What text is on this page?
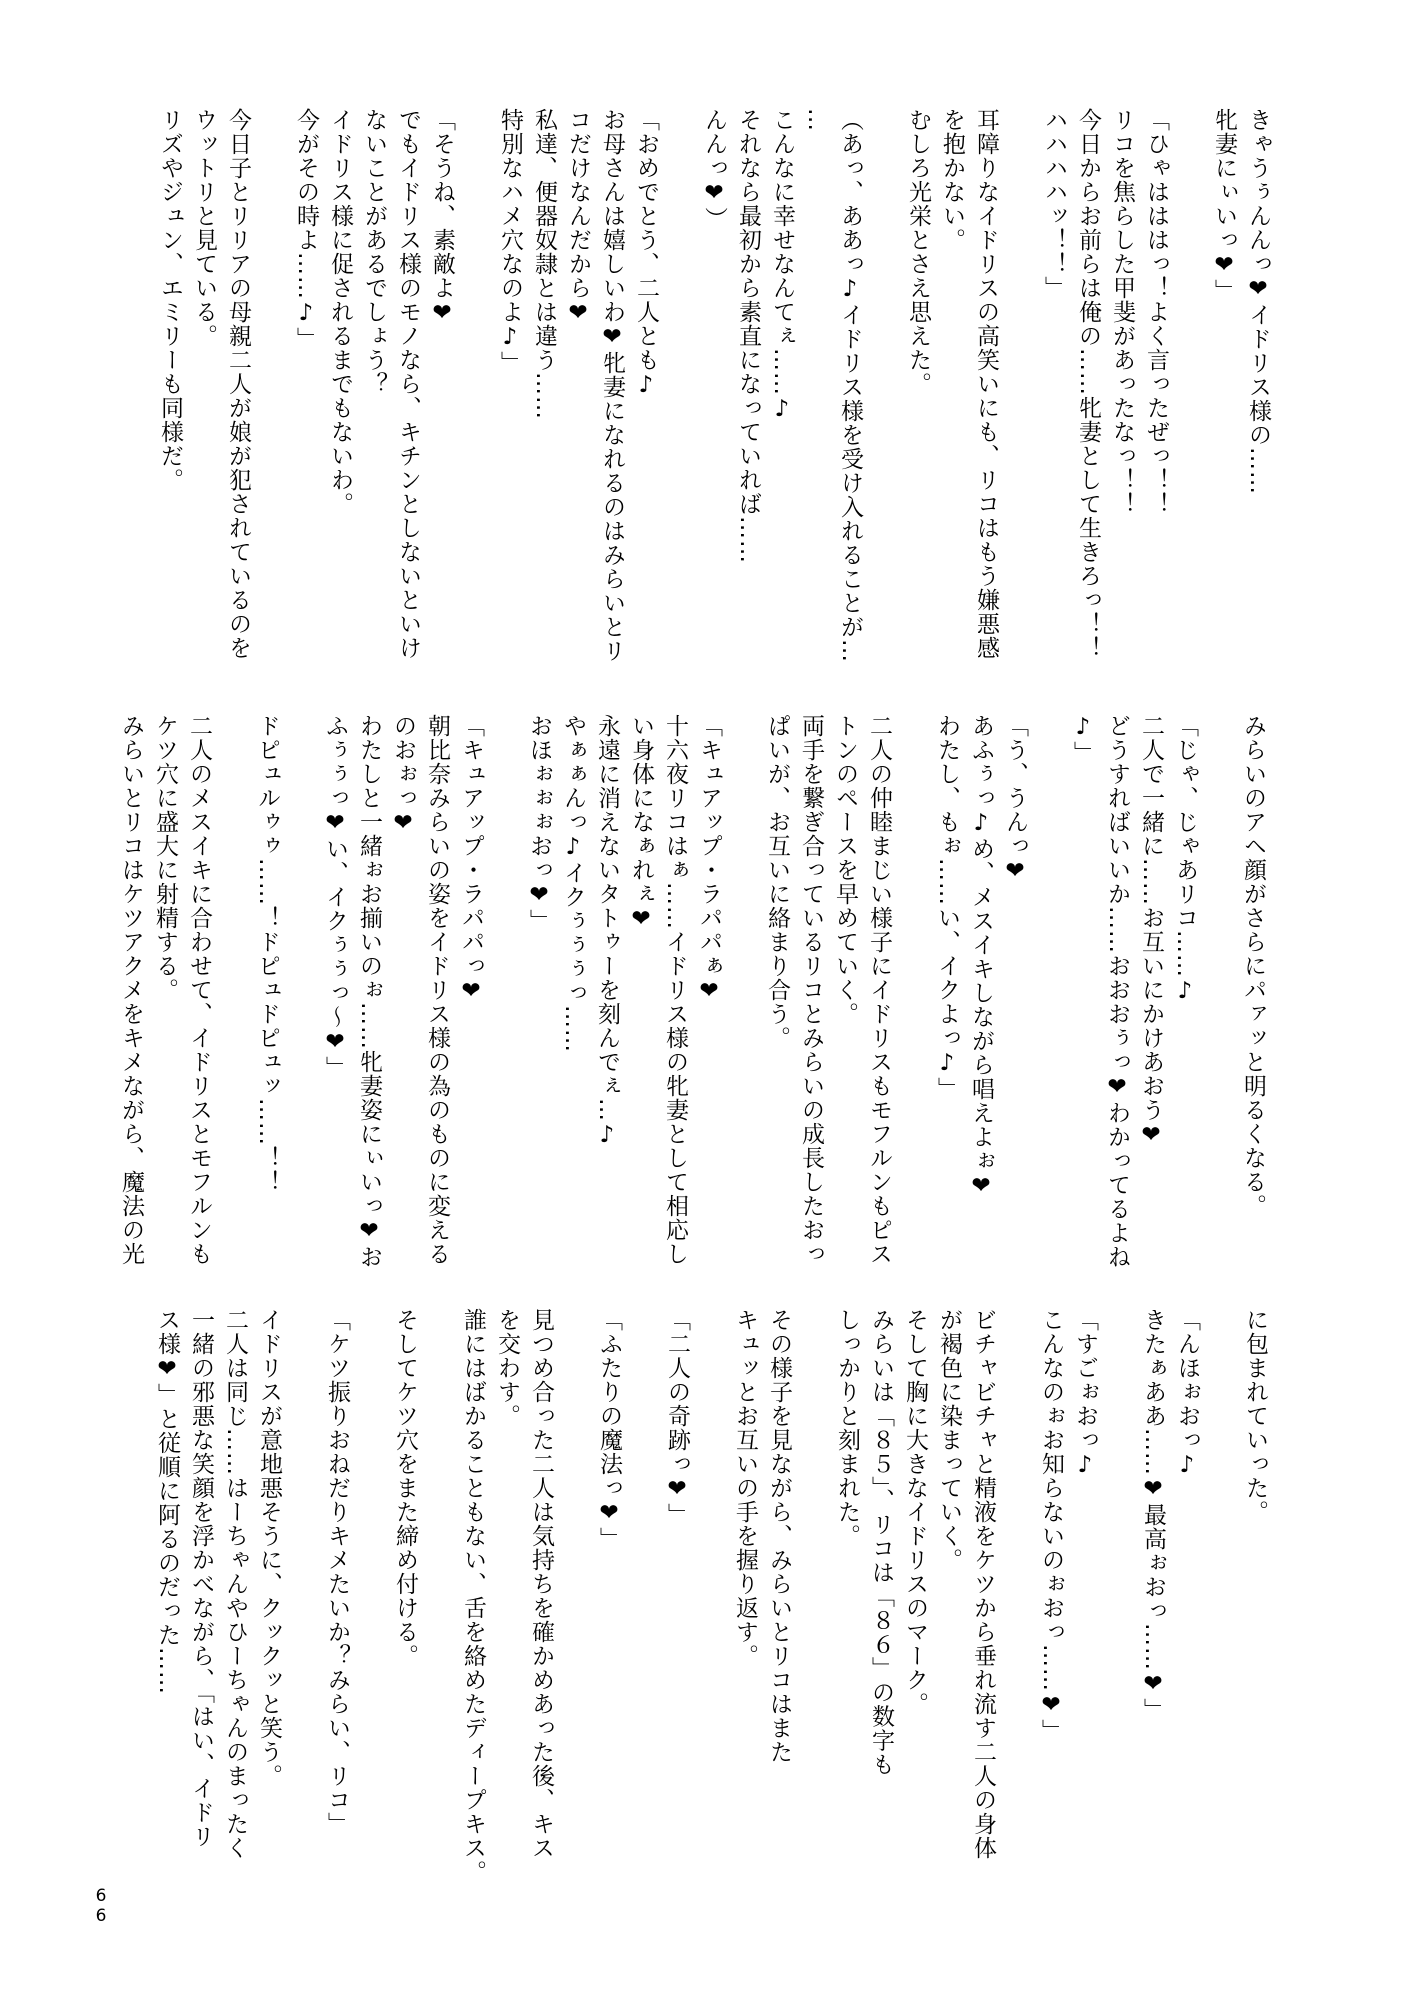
きゃうぅんんっ❤イドリス様の……
牝妻にぃいっ❤」
「ひゃはははっ！よく言ったぜっ！！
リコを焦らした甲斐があったなっ！！
今日からお前らは俺の……牝妻として生きろっ！！
ハハハハッ！！」
耳障りなイドリスの高笑いにも、リコはもう嫌悪感
を抱かない。
むしろ光栄とさえ思えた。
（あっ、ああっ♪イドリス様を受け入れることが…
…
こんなに幸せなんてぇ……♪
それなら最初から素直になっていれば……
んんっ❤）
「おめでとう、二人とも♪
お母さんは嬉しいわ❤牝妻になれるのはみらいとリ
コだけなんだから❤
私達、便器奴隷とは違う……
特別なハメ穴なのよ♪」
「そうね、素敵よ❤
でもイドリス様のモノなら、キチンとしないといけ
ないことがあるでしょう？
イドリス様に促されるまでもないわ。
今がその時よ……♪」
今日子とリリアの母親二人が娘が犯されているのを
ウットリと見ている。
リズやジュン、エミリーも同様だ。
みらいのアヘ顔がさらにパァッと明るくなる。
「じゃ、じゃあリコ……♪
二人で一緒に……お互いにかけあおう❤
どうすればいいか……おおおぅっ❤わかってるよね
♪」
「う、うんっ❤
あふぅっ♪め、メスイキしながら唱えよぉ❤
わたし、もぉ……い、イクよっ♪」
二人の仲睦まじい様子にイドリスもモフルンもピス
トンのペースを早めていく。
両手を繋ぎ合っているリコとみらいの成長したおっ
ぱいが、お互いに絡まり合う。
「キュアップ・ラパパぁ❤
十六夜リコはぁ……イドリス様の牝妻として相応し
い身体になぁれぇ❤
永遠に消えないタトゥーを刻んでぇ…♪
やぁぁんっ♪イクぅぅぅっ……
おほぉぉぉおっ❤」
「キュアップ・ラパパっ❤
朝比奈みらいの姿をイドリス様の為のものに変える
のおぉっ❤
わたしと一緒ぉお揃いのぉ……牝妻姿にぃいっ❤お
ふぅぅっ❤い、イクぅぅっ〜❤」
ドピュルゥゥ……！ドピュドピュッ……！！
二人のメスイキに合わせて、イドリスとモフルンも
ケツ穴に盛大に射精する。
みらいとリコはケツアクメをキメながら、魔法の光
に包まれていった。
「んほぉおっ♪
きたぁああ……❤最高ぉおっ……❤」
「すごぉおっ♪
こんなのぉお知らないのぉおっ……❤」
ビチャビチャと精液をケツから垂れ流す二人の身体
が褐色に染まっていく。
そして胸に大きなイドリスのマーク。
みらいは「８５」、リコは「８６」の数字も
しっかりと刻まれた。
その様子を見ながら、みらいとリコはまた
キュッとお互いの手を握り返す。
「二人の奇跡っ❤」
「ふたりの魔法っ❤」
見つめ合った二人は気持ちを確かめあった後、キス
を交わす。
誰にはばかることもない、舌を絡めたディープキス。
そしてケツ穴をまた締め付ける。
「ケツ振りおねだりキメたいか？みらい、リコ」
イドリスが意地悪そうに、クックッと笑う。
二人は同じ……はーちゃんやひーちゃんのまったく
一緒の邪悪な笑顔を浮かべながら、「はい、イドリ
ス様❤」と従順に阿るのだった……
66
